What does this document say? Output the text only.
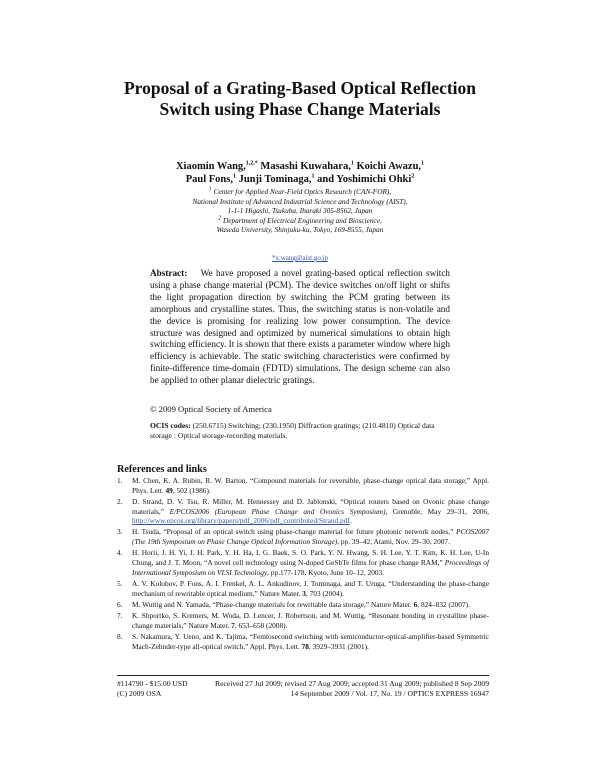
Proposal of a Grating-Based Optical Reflection Switch using Phase Change Materials
Xiaomin Wang,$^{1,2,*}$ Masashi Kuwahara,$^1$ Koichi Awazu,$^1$
Paul Fons,$^1$ Junji Tominaga,$^1$ and Yoshimichi Ohki$^2$
$^1$ Center for Applied Near-Field Optics Research (CAN-FOR),
National Institute of Advanced Industrial Science and Technology (AIST),
1-1-1 Higashi, Tsukuba, Ibaraki 305-8562, Japan
$^2$ Department of Electrical Engineering and Bioscience,
Waseda University, Shinjuku-ku, Tokyo, 169-8555, Japan
*x.wang@aist.go.jp
Abstract: We have proposed a novel grating-based optical reflection switch using a phase change material (PCM). The device switches on/off light or shifts the light propagation direction by switching the PCM grating between its amorphous and crystalline states. Thus, the switching status is non-volatile and the device is promising for realizing low power consumption. The device structure was designed and optimized by numerical simulations to obtain high switching efficiency. It is shown that there exists a parameter window where high efficiency is achievable. The static switching characteristics were confirmed by finite-difference time-domain (FDTD) simulations. The design scheme can also be applied to other planar dielectric gratings.
© 2009 Optical Society of America
OCIS codes: (250.6715) Switching; (230.1950) Diffraction gratings; (210.4810) Optical data storage : Optical storage-recording materials.
References and links
1. M. Chen, K. A. Rubin, R. W. Barton, “Compound materials for reversible, phase-change optical data storage,” Appl. Phys. Lett. 49, 502 (1986).
2. D. Strand, D. V. Tsu, R. Miller, M. Hennessey and D. Jablonski, “Optical routers based on Ovonic phase change materials,” E/PCOS2006 (European Phase Change and Ovonics Symposium), Grenoble, May 29–31, 2006, http://www.epcos.org/library/papers/pdf_2006/pdf_contributed/Strand.pdf.
3. H. Tsuda, “Proposal of an optical switch using phase-change material for future photonic network nodes,” PCOS2007 (The 19th Symposium on Phase Change Optical Information Storage), pp. 39–42, Atami, Nov. 29–30, 2007.
4. H. Horii, J. H. Yi, J. H. Park, Y. H. Ha, I. G. Baek, S. O. Park, Y. N. Hwang, S. H. Lee, Y. T. Kim, K. H. Lee, U-In Chung, and J. T. Moon, “A novel cell technology using N-doped GeSbTe films for phase change RAM,” Proceedings of International Symposium on VLSI Technology, pp.177-178, Kyoto, June 10–12, 2003.
5. A. V. Kolobov, P. Fons, A. I. Frenkel, A. L. Ankudinov, J. Tominaga, and T. Uruga, “Understanding the phase-change mechanism of rewritable optical medium,” Nature Mater. 3, 703 (2004).
6. M. Wuttig and N. Yamada, “Phase-change materials for rewritable data storage,” Nature Mater. 6, 824–832 (2007).
7. K. Shportko, S. Kremers, M. Woda, D. Lencer, J. Robertson, and M. Wuttig, “Resonant bonding in crystalline phase-change materials,” Nature Mater. 7, 653–658 (2008).
8. S. Nakamura, Y. Ueno, and K. Tajima, “Femtosecond switching with semiconductor-optical-amplifier-based Symmetric Mach-Zehnder-type all-optical switch,” Appl. Phys. Lett. 78, 3929–3931 (2001).
#114790 - $15.00 USD	Received 27 Jul 2009; revised 27 Aug 2009; accepted 31 Aug 2009; published 8 Sep 2009
(C) 2009 OSA	14 September 2009 / Vol. 17, No. 19 / OPTICS EXPRESS 16947
